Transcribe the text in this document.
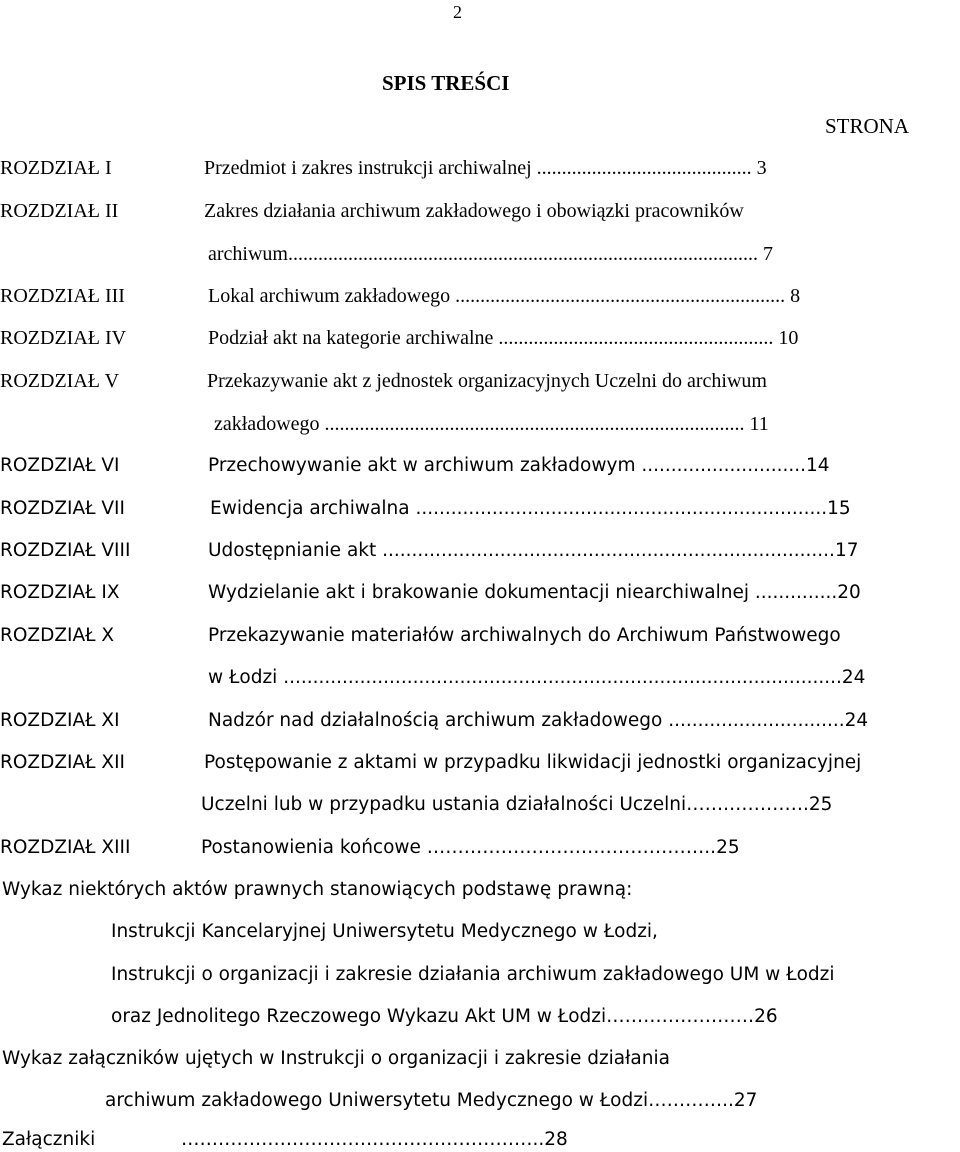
2
SPIS TREŚCI
STRONA
ROZDZIAŁ I	Przedmiot i zakres instrukcji archiwalnej ........................................... 3
ROZDZIAŁ II	Zakres działania archiwum zakładowego i obowiązki pracowników
archiwum.............................................................................................. 7
ROZDZIAŁ III	Lokal archiwum zakładowego .................................................................. 8
ROZDZIAŁ IV	Podział akt na kategorie archiwalne ....................................................... 10
ROZDZIAŁ V	Przekazywanie akt z jednostek organizacyjnych Uczelni do archiwum
zakładowego .................................................................................... 11
ROZDZIAŁ VI	Przechowywanie akt w archiwum zakładowym ............................14
ROZDZIAŁ VII	Ewidencja archiwalna ......................................................................15
ROZDZIAŁ VIII	Udostępnianie akt .............................................................................17
ROZDZIAŁ IX	Wydzielanie akt i brakowanie dokumentacji niearchiwalnej ..............20
ROZDZIAŁ X	Przekazywanie materiałów archiwalnych do Archiwum Państwowego
w Łodzi ...............................................................................................24
ROZDZIAŁ XI	Nadzór nad działalnością archiwum zakładowego ..............................24
ROZDZIAŁ XII	Postępowanie z aktami w przypadku likwidacji jednostki organizacyjnej
Uczelni lub w przypadku ustania działalności Uczelni…….………….25
ROZDZIAŁ XIII	Postanowienia końcowe ………………………………………..25
Wykaz niektórych aktów prawnych stanowiących podstawę prawną:
Instrukcji Kancelaryjnej Uniwersytetu Medycznego w Łodzi,
Instrukcji o organizacji i zakresie działania archiwum zakładowego UM w Łodzi
oraz Jednolitego Rzeczowego Wykazu Akt UM w Łodzi……………………26
Wykaz załączników ujętych w Instrukcji o organizacji i zakresie działania
archiwum zakładowego Uniwersytetu Medycznego w Łodzi…………..27
Załączniki	…………………………………………………..28
